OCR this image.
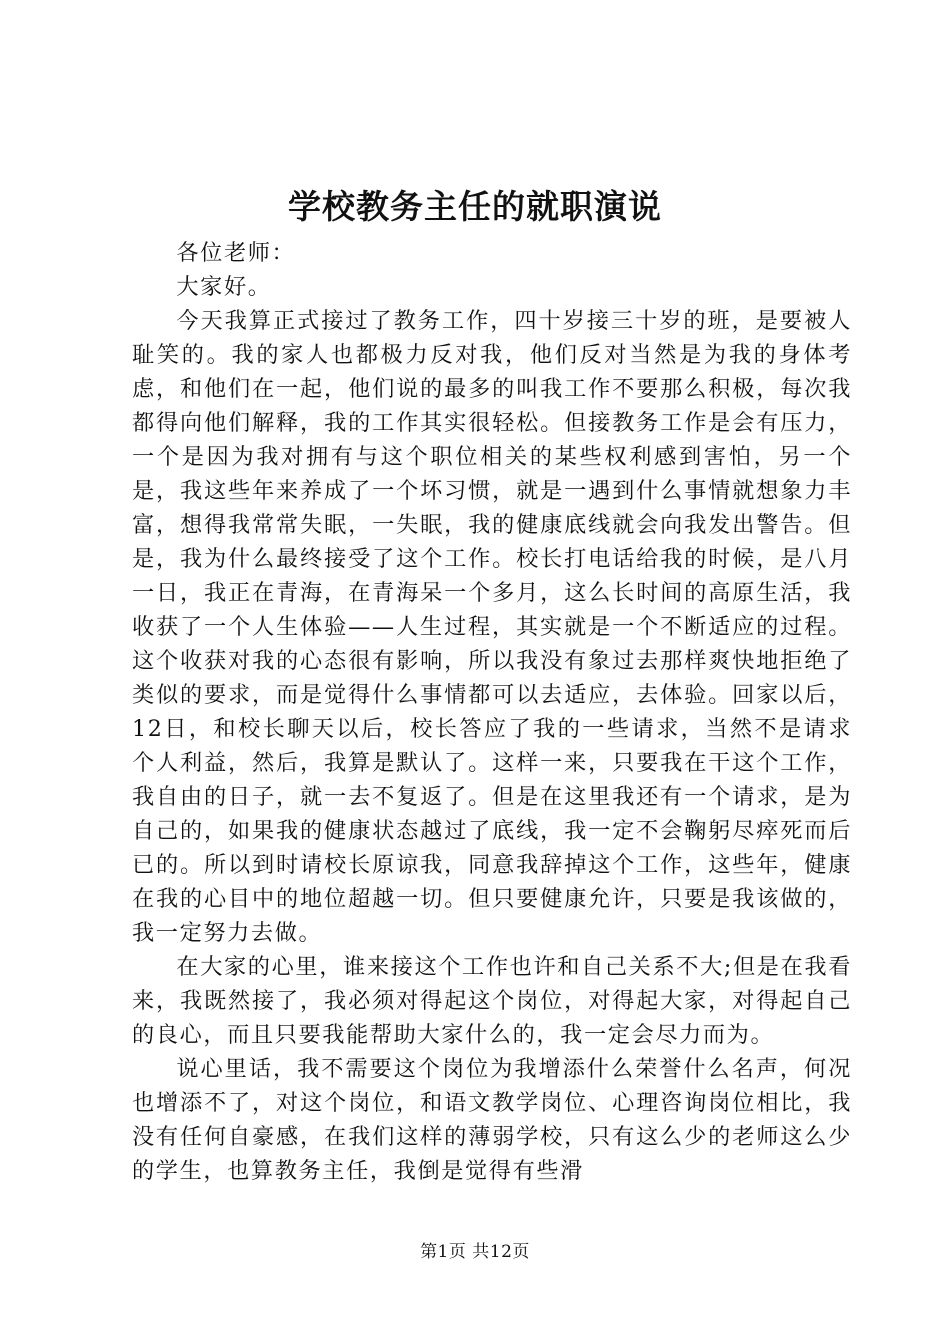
学校教务主任的就职演说

各位老师：

大家好。

今天我算正式接过了教务工作，四十岁接三十岁的班，是要被人耻笑的。我的家人也都极力反对我，他们反对当然是为我的身体考虑，和他们在一起，他们说的最多的叫我工作不要那么积极，每次我都得向他们解释，我的工作其实很轻松。但接教务工作是会有压力，一个是因为我对拥有与这个职位相关的某些权利感到害怕，另一个是，我这些年来养成了一个坏习惯，就是一遇到什么事情就想象力丰富，想得我常常失眠，一失眠，我的健康底线就会向我发出警告。但是，我为什么最终接受了这个工作。校长打电话给我的时候，是八月一日，我正在青海，在青海呆一个多月，这么长时间的高原生活，我收获了一个人生体验——人生过程，其实就是一个不断适应的过程。这个收获对我的心态很有影响，所以我没有象过去那样爽快地拒绝了类似的要求，而是觉得什么事情都可以去适应，去体验。回家以后，12日，和校长聊天以后，校长答应了我的一些请求，当然不是请求个人利益，然后，我算是默认了。这样一来，只要我在干这个工作，我自由的日子，就一去不复返了。但是在这里我还有一个请求，是为自己的，如果我的健康状态越过了底线，我一定不会鞠躬尽瘁死而后已的。所以到时请校长原谅我，同意我辞掉这个工作，这些年，健康在我的心目中的地位超越一切。但只要健康允许，只要是我该做的，我一定努力去做。

在大家的心里，谁来接这个工作也许和自己关系不大;但是在我看来，我既然接了，我必须对得起这个岗位，对得起大家，对得起自己的良心，而且只要我能帮助大家什么的，我一定会尽力而为。

说心里话，我不需要这个岗位为我增添什么荣誉什么名声，何况也增添不了，对这个岗位，和语文教学岗位、心理咨询岗位相比，我没有任何自豪感，在我们这样的薄弱学校，只有这么少的老师这么少的学生，也算教务主任，我倒是觉得有些滑

第1页 共12页
